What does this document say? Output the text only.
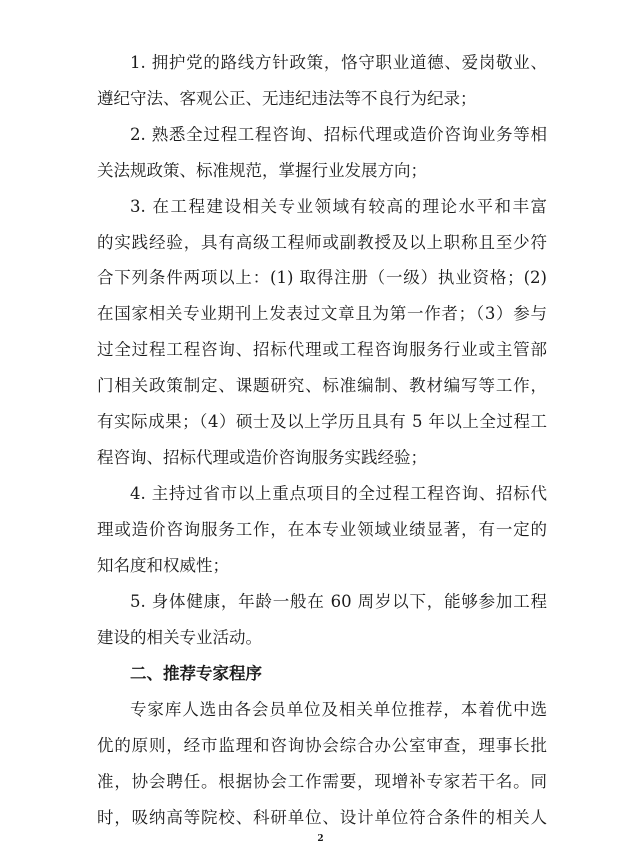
1. 拥护党的路线方针政策，恪守职业道德、爱岗敬业、
遵纪守法、客观公正、无违纪违法等不良行为纪录；
2. 熟悉全过程工程咨询、招标代理或造价咨询业务等相
关法规政策、标准规范，掌握行业发展方向；
3. 在工程建设相关专业领域有较高的理论水平和丰富
的实践经验，具有高级工程师或副教授及以上职称且至少符
合下列条件两项以上：(1) 取得注册（一级）执业资格；(2)
在国家相关专业期刊上发表过文章且为第一作者；（3）参与
过全过程工程咨询、招标代理或工程咨询服务行业或主管部
门相关政策制定、课题研究、标准编制、教材编写等工作，
有实际成果；（4）硕士及以上学历且具有 5 年以上全过程工
程咨询、招标代理或造价咨询服务实践经验；
4. 主持过省市以上重点项目的全过程工程咨询、招标代
理或造价咨询服务工作，在本专业领域业绩显著，有一定的
知名度和权威性；
5. 身体健康，年龄一般在 60 周岁以下，能够参加工程
建设的相关专业活动。
二、推荐专家程序
专家库人选由各会员单位及相关单位推荐，本着优中选
优的原则，经市监理和咨询协会综合办公室审查，理事长批
准，协会聘任。根据协会工作需要，现增补专家若干名。同
时，吸纳高等院校、科研单位、设计单位符合条件的相关人
2
